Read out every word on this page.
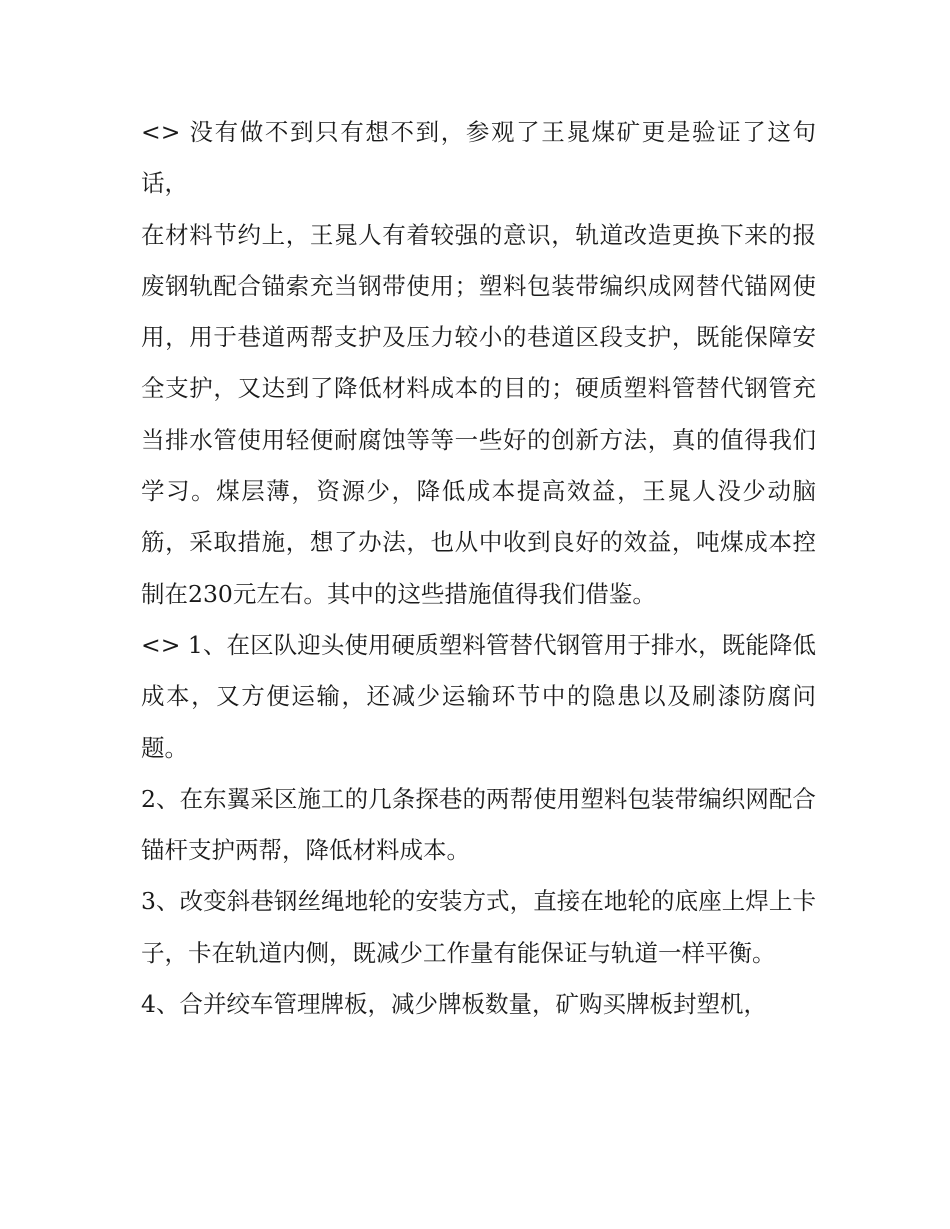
<> 没有做不到只有想不到，参观了王晁煤矿更是验证了这句话，

在材料节约上，王晁人有着较强的意识，轨道改造更换下来的报废钢轨配合锚索充当钢带使用；塑料包装带编织成网替代锚网使用，用于巷道两帮支护及压力较小的巷道区段支护，既能保障安全支护，又达到了降低材料成本的目的；硬质塑料管替代钢管充当排水管使用轻便耐腐蚀等等一些好的创新方法，真的值得我们学习。煤层薄，资源少，降低成本提高效益，王晁人没少动脑筋，采取措施，想了办法，也从中收到良好的效益，吨煤成本控制在230元左右。其中的这些措施值得我们借鉴。

<> 1、在区队迎头使用硬质塑料管替代钢管用于排水，既能降低成本，又方便运输，还减少运输环节中的隐患以及刷漆防腐问题。

2、在东翼采区施工的几条探巷的两帮使用塑料包装带编织网配合锚杆支护两帮，降低材料成本。

3、改变斜巷钢丝绳地轮的安装方式，直接在地轮的底座上焊上卡子，卡在轨道内侧，既减少工作量有能保证与轨道一样平衡。

4、合并绞车管理牌板，减少牌板数量，矿购买牌板封塑机，
